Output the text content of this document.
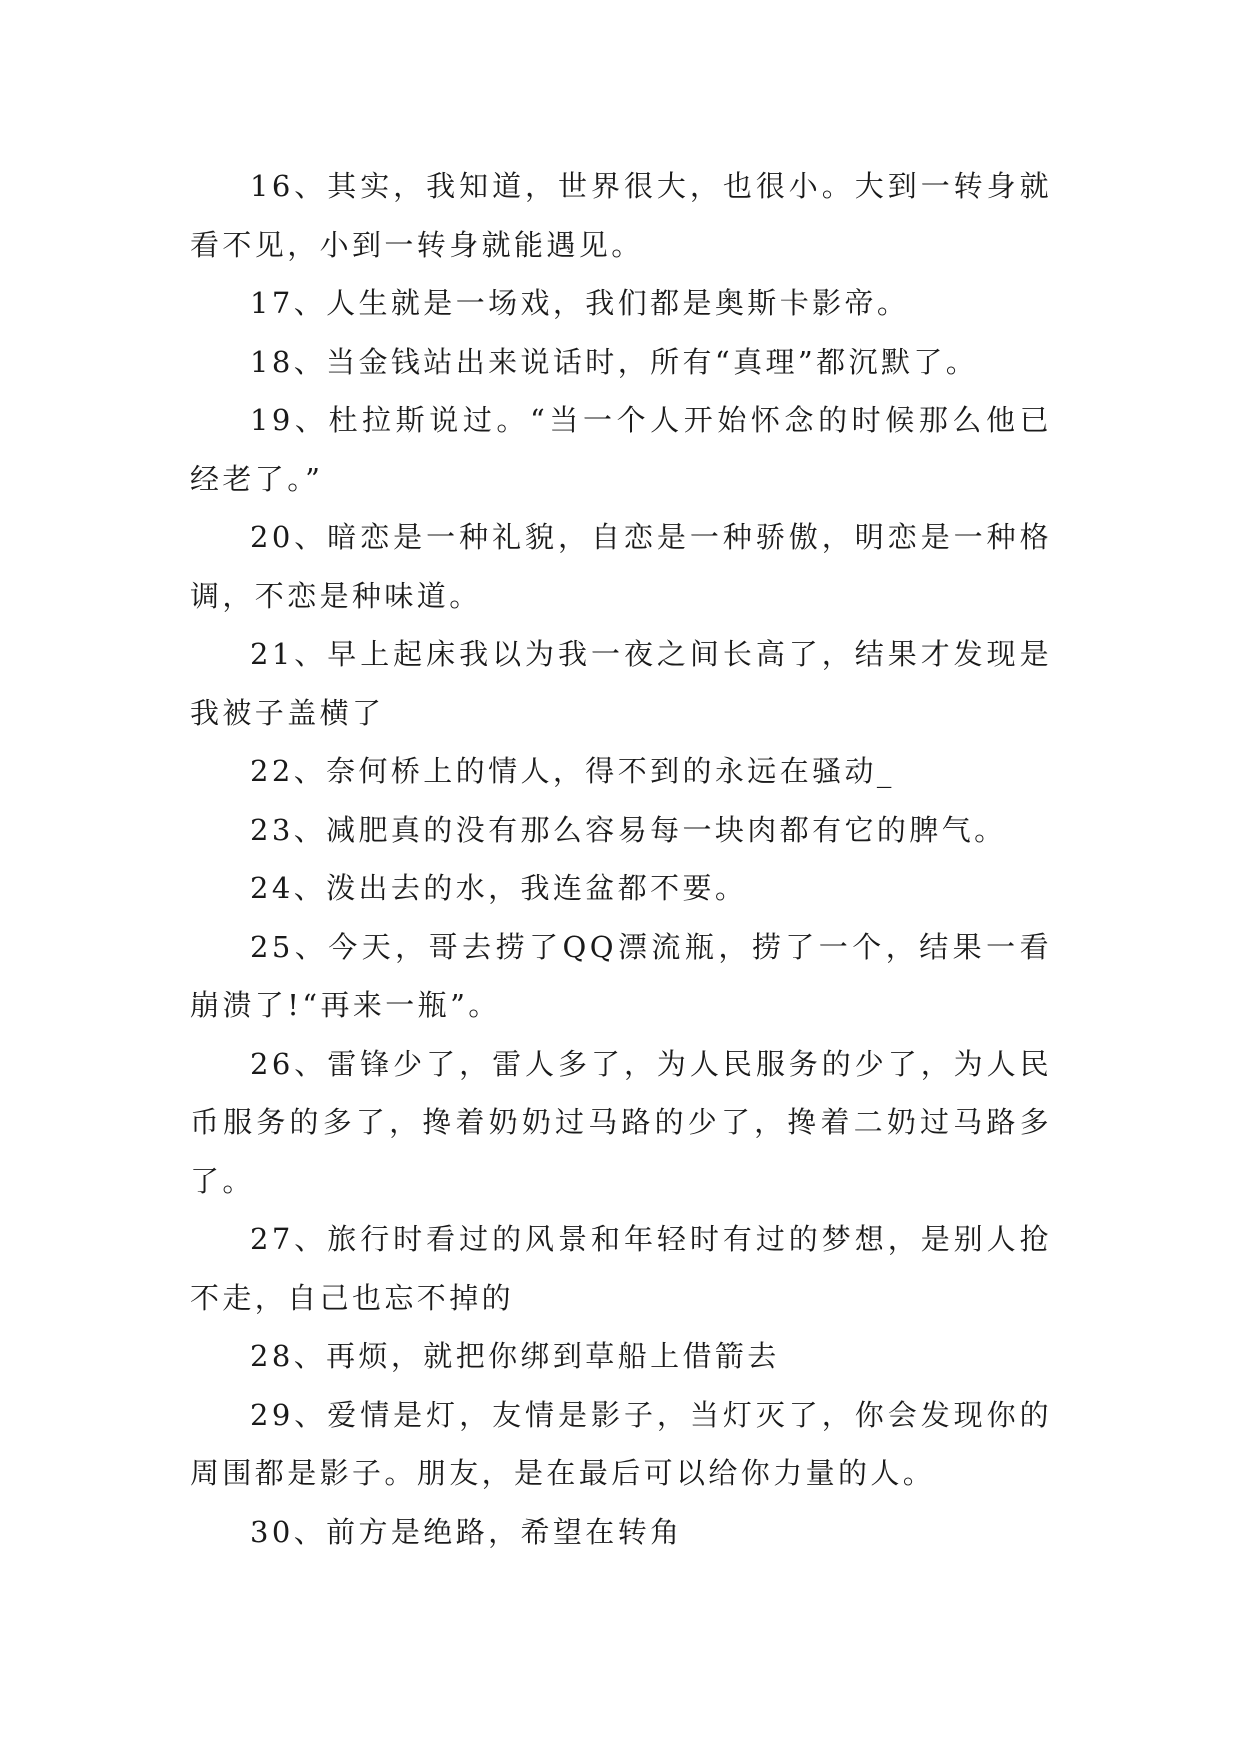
16、其实，我知道，世界很大，也很小。大到一转身就看不见，小到一转身就能遇见。

17、人生就是一场戏，我们都是奥斯卡影帝。

18、当金钱站出来说话时，所有“真理”都沉默了。

19、杜拉斯说过。“当一个人开始怀念的时候那么他已经老了。”

20、暗恋是一种礼貌，自恋是一种骄傲，明恋是一种格调，不恋是种味道。

21、早上起床我以为我一夜之间长高了，结果才发现是我被子盖横了

22、奈何桥上的情人，得不到的永远在骚动_

23、减肥真的没有那么容易每一块肉都有它的脾气。

24、泼出去的水，我连盆都不要。

25、今天，哥去捞了QQ漂流瓶，捞了一个，结果一看崩溃了!“再来一瓶”。

26、雷锋少了，雷人多了，为人民服务的少了，为人民币服务的多了，搀着奶奶过马路的少了，搀着二奶过马路多了。

27、旅行时看过的风景和年轻时有过的梦想，是别人抢不走，自己也忘不掉的

28、再烦，就把你绑到草船上借箭去

29、爱情是灯，友情是影子，当灯灭了，你会发现你的周围都是影子。朋友，是在最后可以给你力量的人。

30、前方是绝路，希望在转角
